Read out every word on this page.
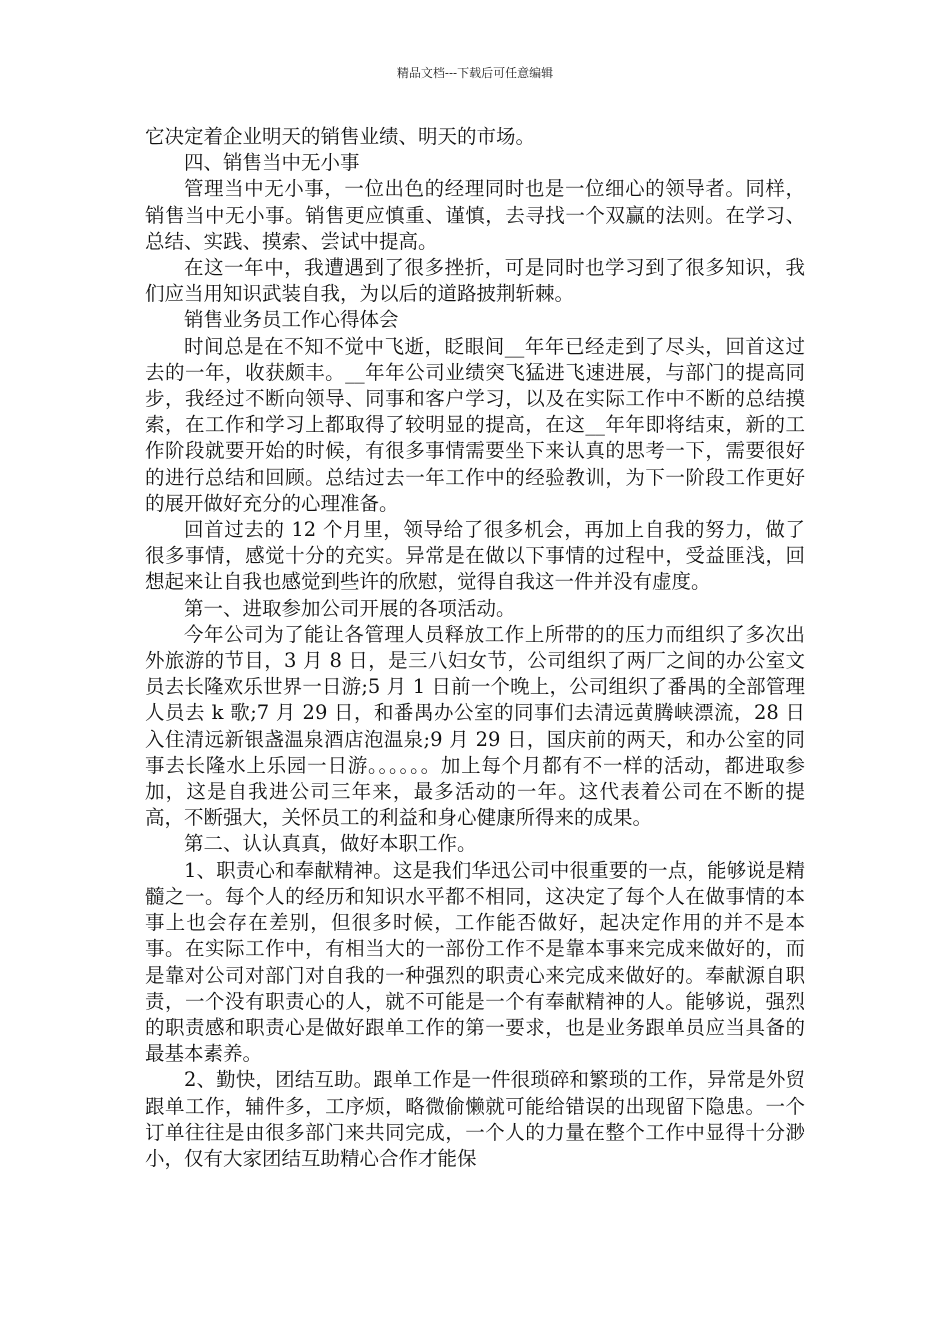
精品文档---下载后可任意编辑

它决定着企业明天的销售业绩、明天的市场。

四、销售当中无小事

管理当中无小事，一位出色的经理同时也是一位细心的领导者。同样，销售当中无小事。销售更应慎重、谨慎，去寻找一个双赢的法则。在学习、总结、实践、摸索、尝试中提高。

在这一年中，我遭遇到了很多挫折，可是同时也学习到了很多知识，我们应当用知识武装自我，为以后的道路披荆斩棘。

销售业务员工作心得体会

时间总是在不知不觉中飞逝，眨眼间__年年已经走到了尽头，回首这过去的一年，收获颇丰。__年年公司业绩突飞猛进飞速进展，与部门的提高同步，我经过不断向领导、同事和客户学习，以及在实际工作中不断的总结摸索，在工作和学习上都取得了较明显的提高，在这__年年即将结束，新的工作阶段就要开始的时候，有很多事情需要坐下来认真的思考一下，需要很好的进行总结和回顾。总结过去一年工作中的经验教训，为下一阶段工作更好的展开做好充分的心理准备。

回首过去的 12 个月里，领导给了很多机会，再加上自我的努力，做了很多事情，感觉十分的充实。异常是在做以下事情的过程中，受益匪浅，回想起来让自我也感觉到些许的欣慰，觉得自我这一件并没有虚度。

第一、进取参加公司开展的各项活动。

今年公司为了能让各管理人员释放工作上所带的的压力而组织了多次出外旅游的节目，3 月 8 日，是三八妇女节，公司组织了两厂之间的办公室文员去长隆欢乐世界一日游;5 月 1 日前一个晚上，公司组织了番禺的全部管理人员去 k 歌;7 月 29 日，和番禺办公室的同事们去清远黄腾峡漂流，28 日入住清远新银盏温泉酒店泡温泉;9 月 29 日，国庆前的两天，和办公室的同事去长隆水上乐园一日游。。。。。。加上每个月都有不一样的活动，都进取参加，这是自我进公司三年来，最多活动的一年。这代表着公司在不断的提高，不断强大，关怀员工的利益和身心健康所得来的成果。

第二、认认真真，做好本职工作。

1、职责心和奉献精神。这是我们华迅公司中很重要的一点，能够说是精髓之一。每个人的经历和知识水平都不相同，这决定了每个人在做事情的本事上也会存在差别，但很多时候，工作能否做好，起决定作用的并不是本事。在实际工作中，有相当大的一部份工作不是靠本事来完成来做好的，而是靠对公司对部门对自我的一种强烈的职责心来完成来做好的。奉献源自职责，一个没有职责心的人，就不可能是一个有奉献精神的人。能够说，强烈的职责感和职责心是做好跟单工作的第一要求，也是业务跟单员应当具备的最基本素养。

2、勤快，团结互助。跟单工作是一件很琐碎和繁琐的工作，异常是外贸跟单工作，辅件多，工序烦，略微偷懒就可能给错误的出现留下隐患。一个订单往往是由很多部门来共同完成，一个人的力量在整个工作中显得十分渺小，仅有大家团结互助精心合作才能保
